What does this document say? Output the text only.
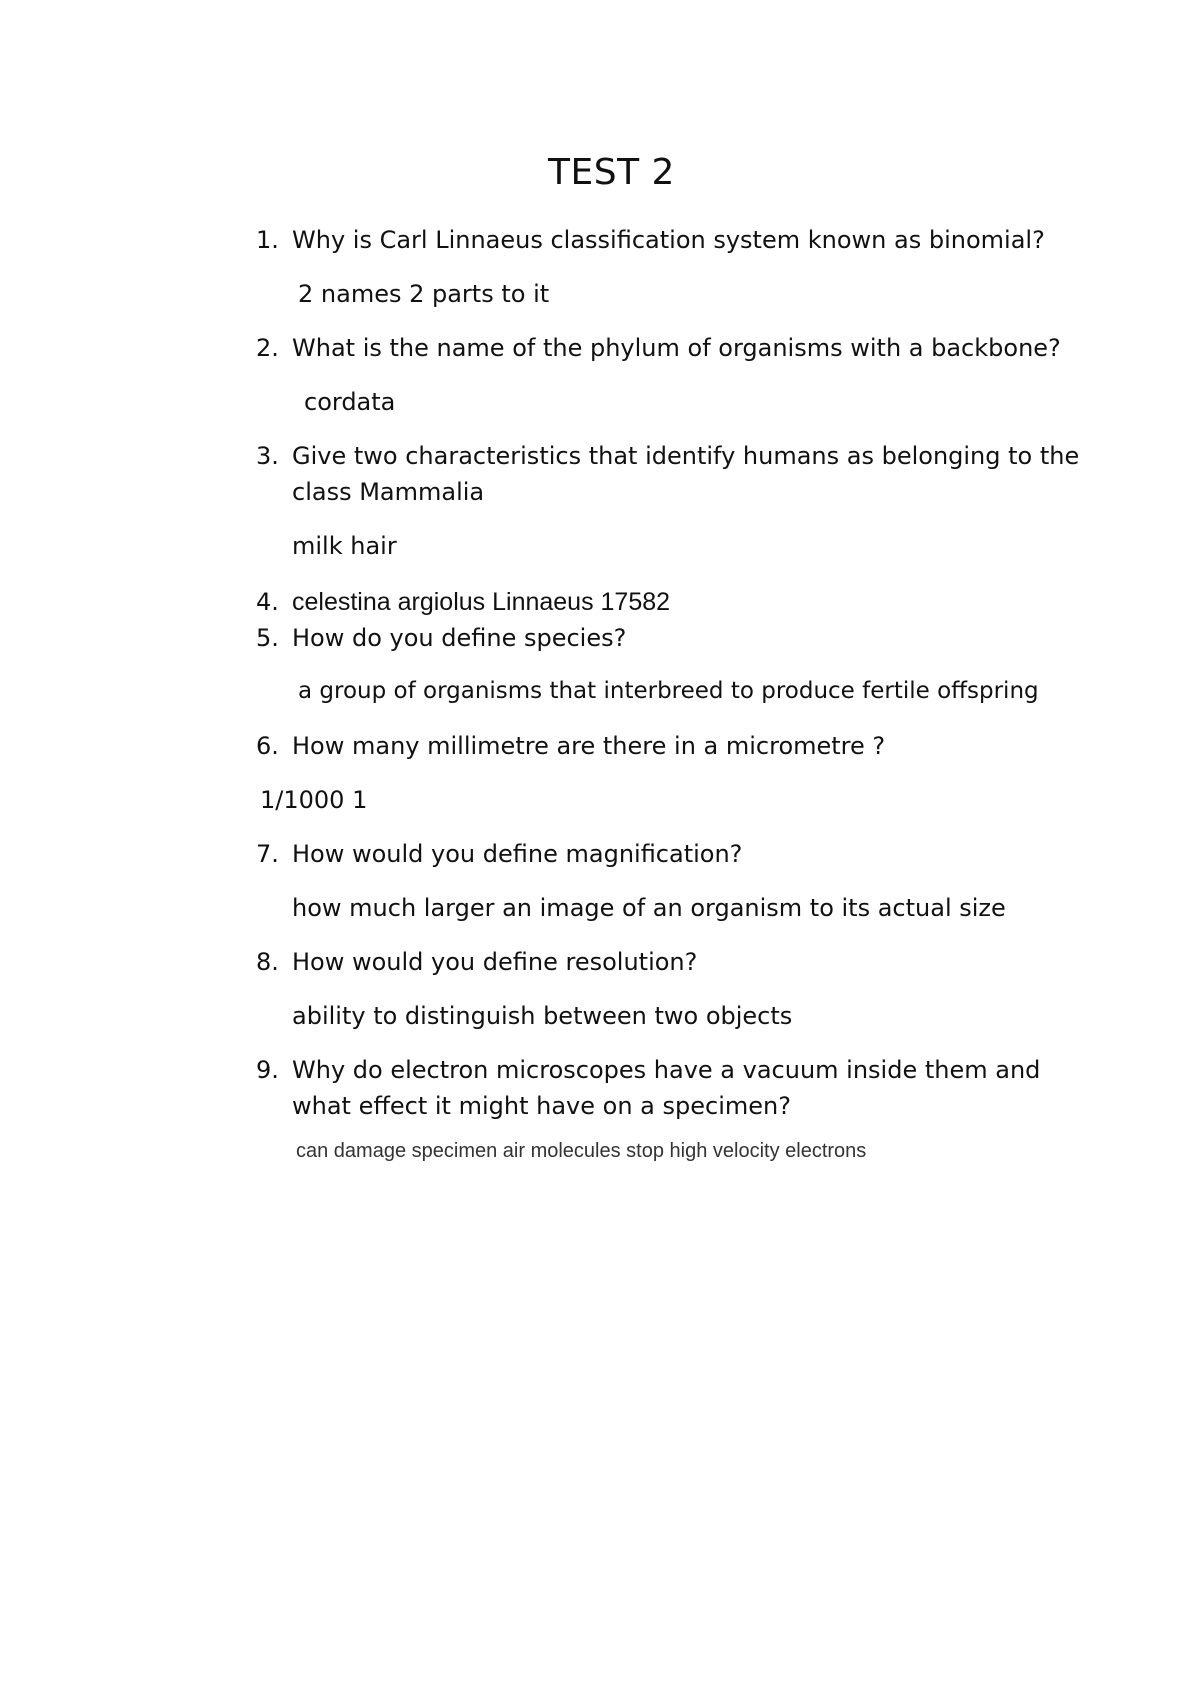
TEST 2
1. Why is Carl Linnaeus classification system known as binomial?
2 names 2 parts to it
2. What is the name of the phylum of organisms with a backbone?
cordata
3. Give two characteristics that identify humans as belonging to the
class Mammalia
milk hair
4. celestina argiolus Linnaeus 17582
5. How do you define species?
a group of organisms that interbreed to produce fertile offspring
6. How many millimetre are there in a micrometre ?
1/1000 1
7. How would you define magnification?
how much larger an image of an organism to its actual size
8. How would you define resolution?
ability to distinguish between two objects
9. Why do electron microscopes have a vacuum inside them and
what effect it might have on a specimen?
can damage specimen air molecules stop high velocity electrons
